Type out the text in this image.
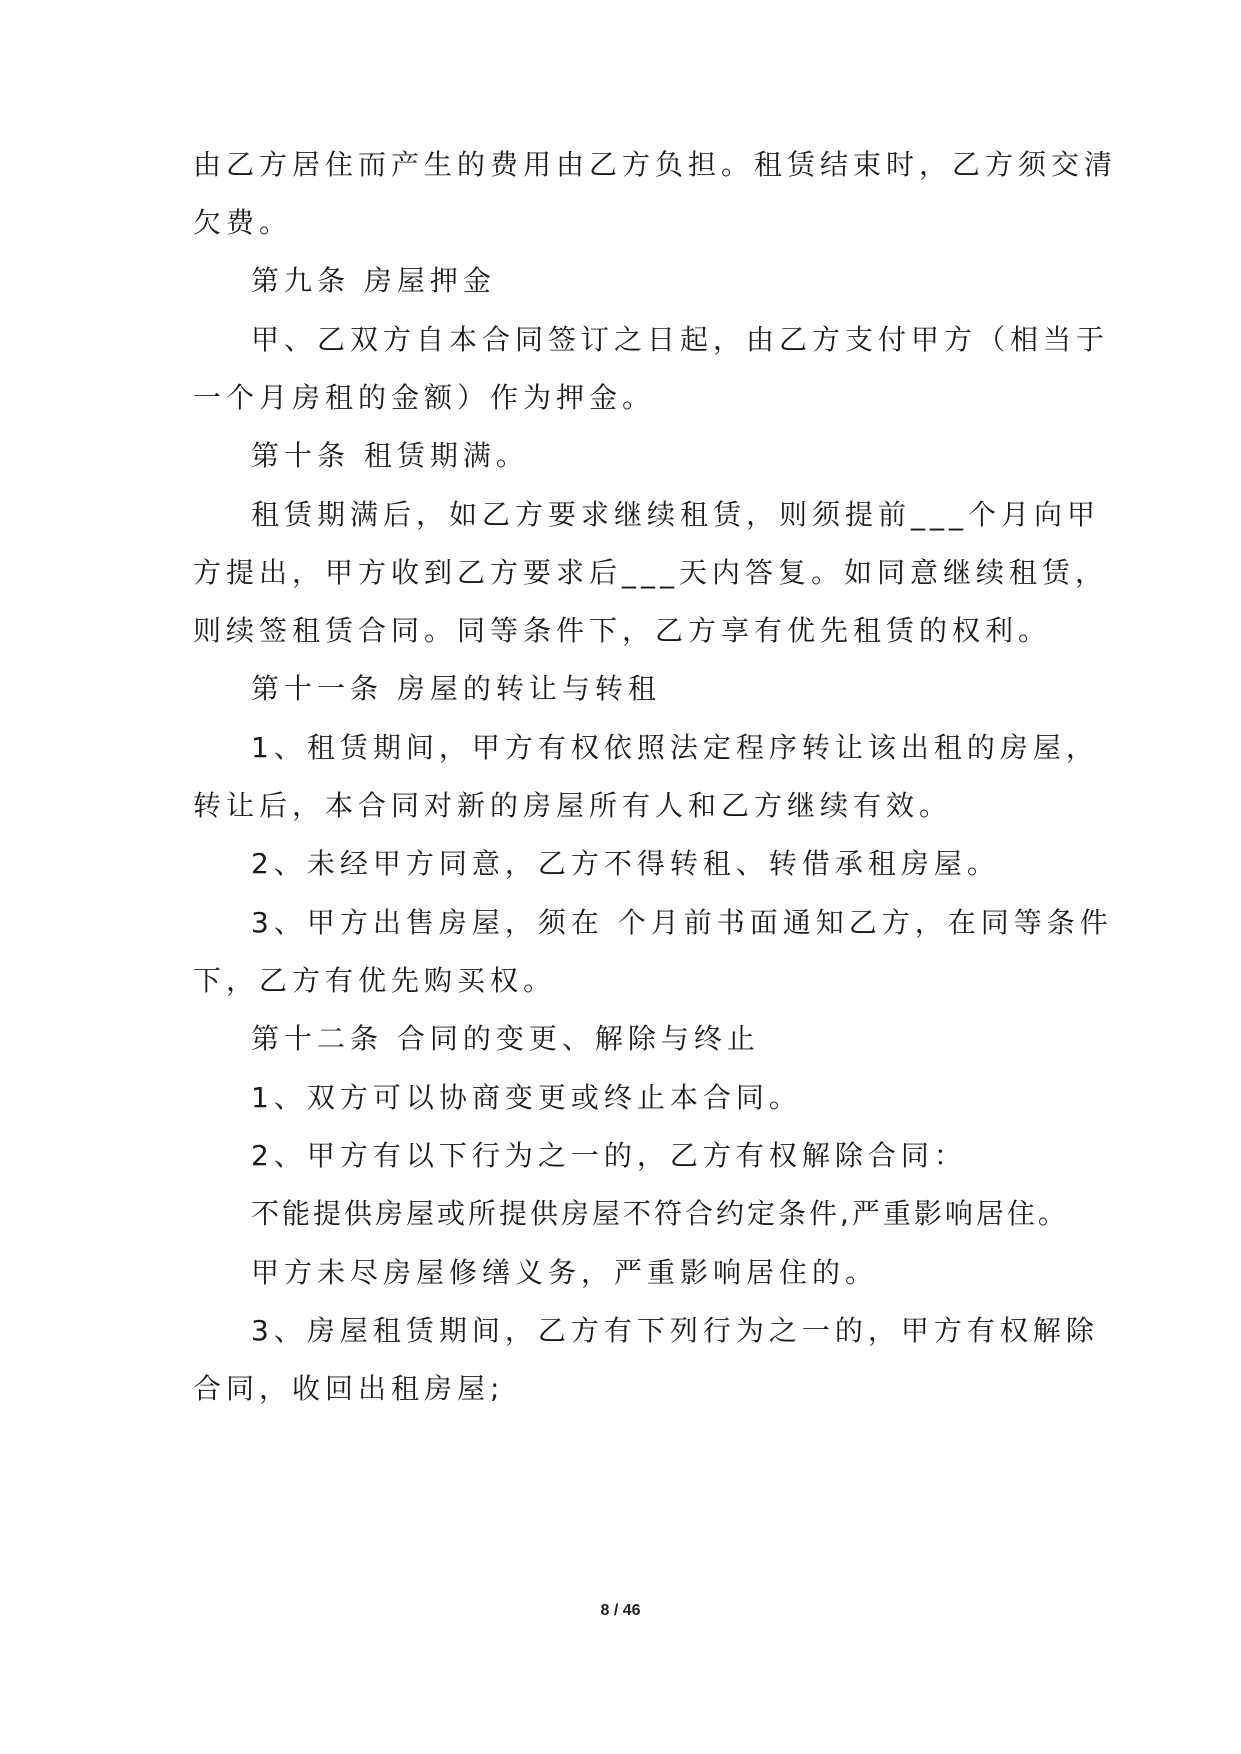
由乙方居住而产生的费用由乙方负担。租赁结束时，乙方须交清
欠费。
第九条 房屋押金
甲、乙双方自本合同签订之日起，由乙方支付甲方（相当于
一个月房租的金额）作为押金。
第十条 租赁期满。
租赁期满后，如乙方要求继续租赁，则须提前___个月向甲
方提出，甲方收到乙方要求后___天内答复。如同意继续租赁，
则续签租赁合同。同等条件下，乙方享有优先租赁的权利。
第十一条 房屋的转让与转租
1、租赁期间，甲方有权依照法定程序转让该出租的房屋，
转让后，本合同对新的房屋所有人和乙方继续有效。
2、未经甲方同意，乙方不得转租、转借承租房屋。
3、甲方出售房屋，须在 个月前书面通知乙方，在同等条件
下，乙方有优先购买权。
第十二条 合同的变更、解除与终止
1、双方可以协商变更或终止本合同。
2、甲方有以下行为之一的，乙方有权解除合同：
不能提供房屋或所提供房屋不符合约定条件,严重影响居住。
甲方未尽房屋修缮义务，严重影响居住的。
3、房屋租赁期间，乙方有下列行为之一的，甲方有权解除
合同，收回出租房屋;
8 / 46
